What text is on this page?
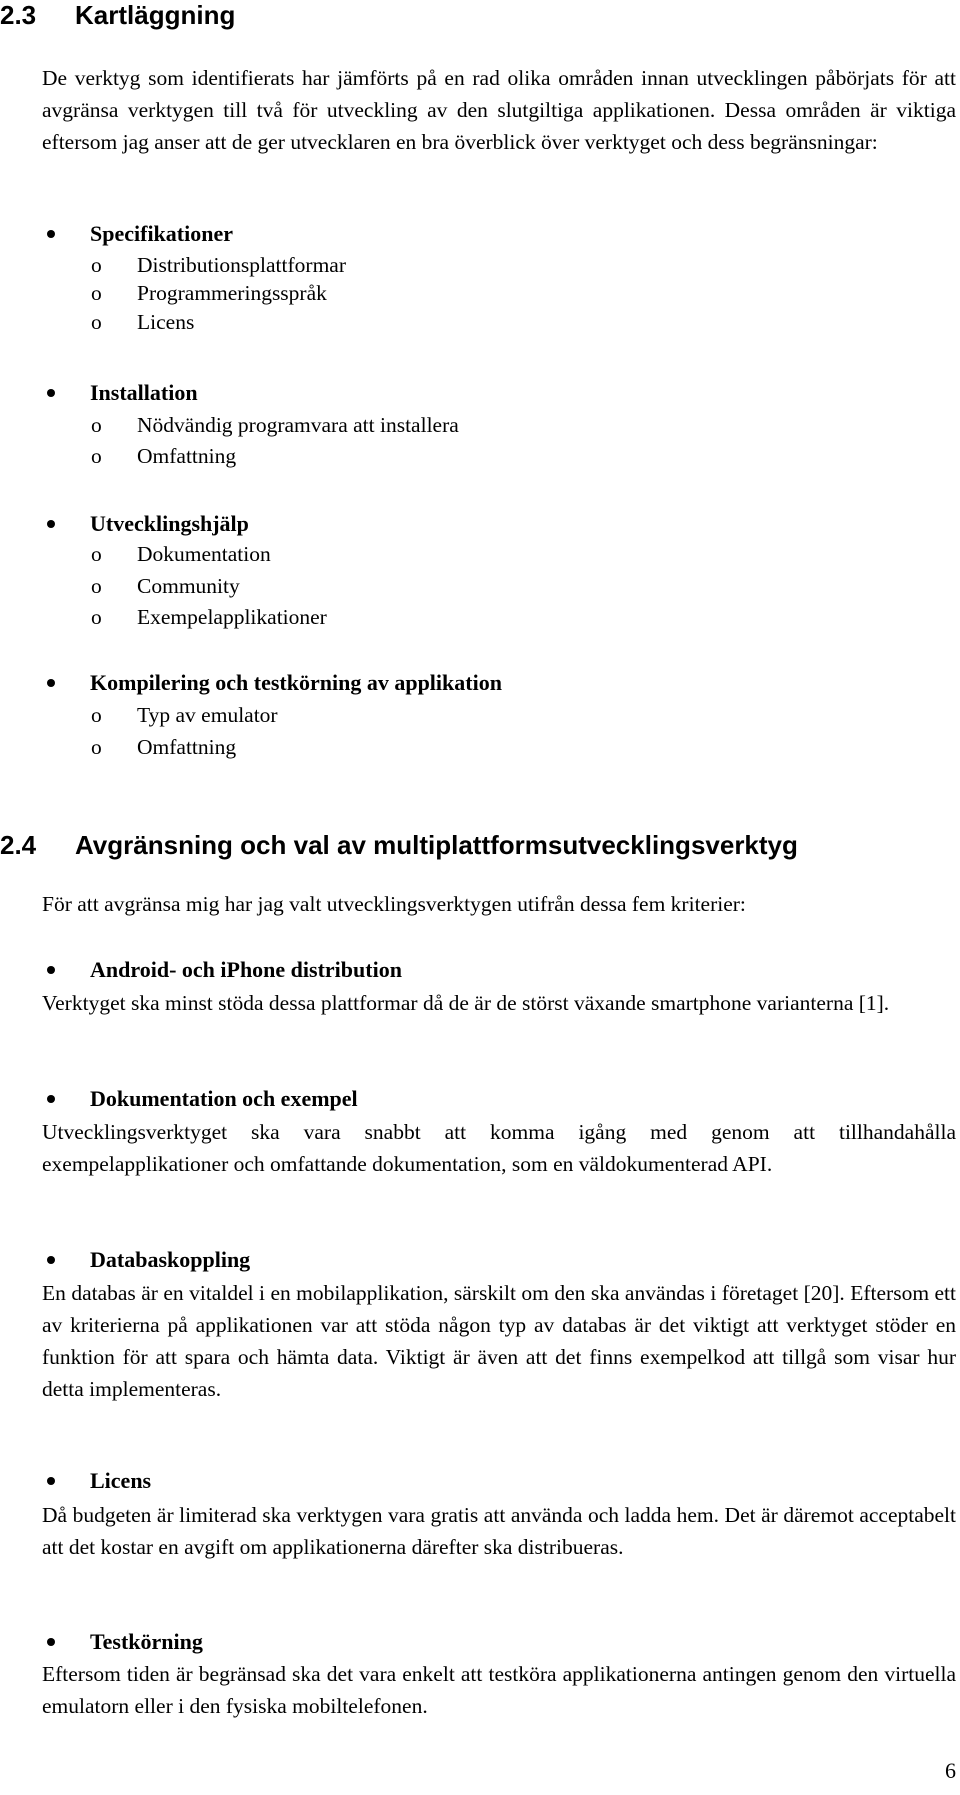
2.3 Kartläggning

De verktyg som identifierats har jämförts på en rad olika områden innan utvecklingen påbörjats för att avgränsa verktygen till två för utveckling av den slutgiltiga applikationen. Dessa områden är viktiga eftersom jag anser att de ger utvecklaren en bra överblick över verktyget och dess begränsningar:

Specifikationer
o Distributionsplattformar
o Programmeringsspråk
o Licens
Installation
o Nödvändig programvara att installera
o Omfattning
Utvecklingshjälp
o Dokumentation
o Community
o Exempelapplikationer
Kompilering och testkörning av applikation
o Typ av emulator
o Omfattning
2.4 Avgränsning och val av multiplattformsutvecklingsverktyg

För att avgränsa mig har jag valt utvecklingsverktygen utifrån dessa fem kriterier:

Android- och iPhone distribution

Verktyget ska minst stöda dessa plattformar då de är de störst växande smartphone varianterna [1].

Dokumentation och exempel

Utvecklingsverktyget ska vara snabbt att komma igång med genom att tillhandahålla exempelapplikationer och omfattande dokumentation, som en väldokumenterad API.

Databaskoppling

En databas är en vitaldel i en mobilapplikation, särskilt om den ska användas i företaget [20]. Eftersom ett av kriterierna på applikationen var att stöda någon typ av databas är det viktigt att verktyget stöder en funktion för att spara och hämta data. Viktigt är även att det finns exempelkod att tillgå som visar hur detta implementeras.

Licens

Då budgeten är limiterad ska verktygen vara gratis att använda och ladda hem. Det är däremot acceptabelt att det kostar en avgift om applikationerna därefter ska distribueras.

Testkörning

Eftersom tiden är begränsad ska det vara enkelt att testköra applikationerna antingen genom den virtuella emulatorn eller i den fysiska mobiltelefonen.

6
